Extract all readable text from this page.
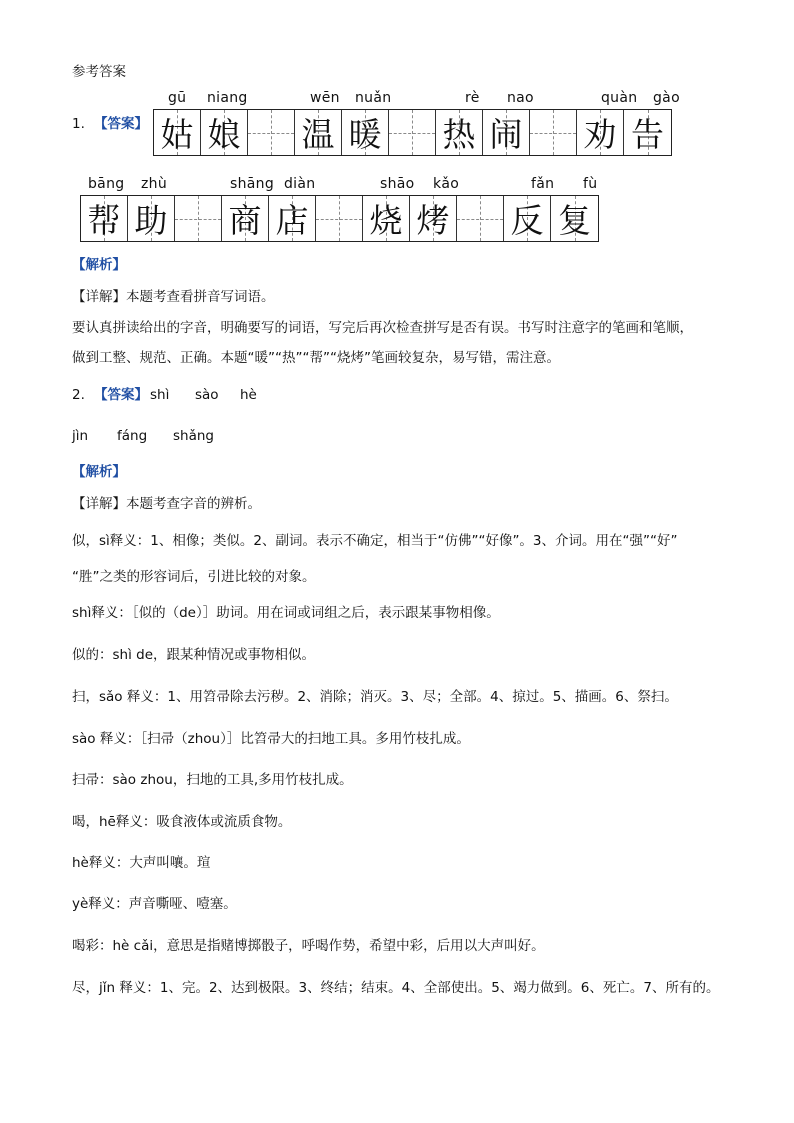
参考答案
1. 【答案】
gū niang	wēn nuǎn	rè nao	quàn gào
姑 娘 温 暖 热 闹 劝 告
bāng zhù	shāng diàn	shāo kǎo	fǎn fù
帮 助 商 店 烧 烤 反 复
【解析】
【详解】本题考查看拼音写词语。
要认真拼读给出的字音，明确要写的词语，写完后再次检查拼写是否有误。书写时注意字的笔画和笔顺，
做到工整、规范、正确。本题“暖”“热”“帮”“烧烤”笔画较复杂，易写错，需注意。
2. 【答案】 shì sào hè
jìn fáng shǎng
【解析】
【详解】本题考查字音的辨析。
似，sì释义：1、相像；类似。2、副词。表示不确定，相当于“仿佛”“好像”。3、介词。用在“强”“好”
“胜”之类的形容词后，引进比较的对象。
shì释义：［似的（de）］助词。用在词或词组之后，表示跟某事物相像。
似的：shì de，跟某种情况或事物相似。
扫，sǎo 释义：1、用笤帚除去污秽。2、消除；消灭。3、尽；全部。4、掠过。5、描画。6、祭扫。
sào 释义：［扫帚（zhou）］比笤帚大的扫地工具。多用竹枝扎成。
扫帚：sào zhou，扫地的工具,多用竹枝扎成。
喝，hē释义：吸食液体或流质食物。
hè释义：大声叫嚷。瑄
yè释义：声音嘶哑、噎塞。
喝彩：hè cǎi，意思是指赌博掷骰子，呼喝作势，希望中彩，后用以大声叫好。
尽，jǐn 释义：1、完。2、达到极限。3、终结；结束。4、全部使出。5、竭力做到。6、死亡。7、所有的。
